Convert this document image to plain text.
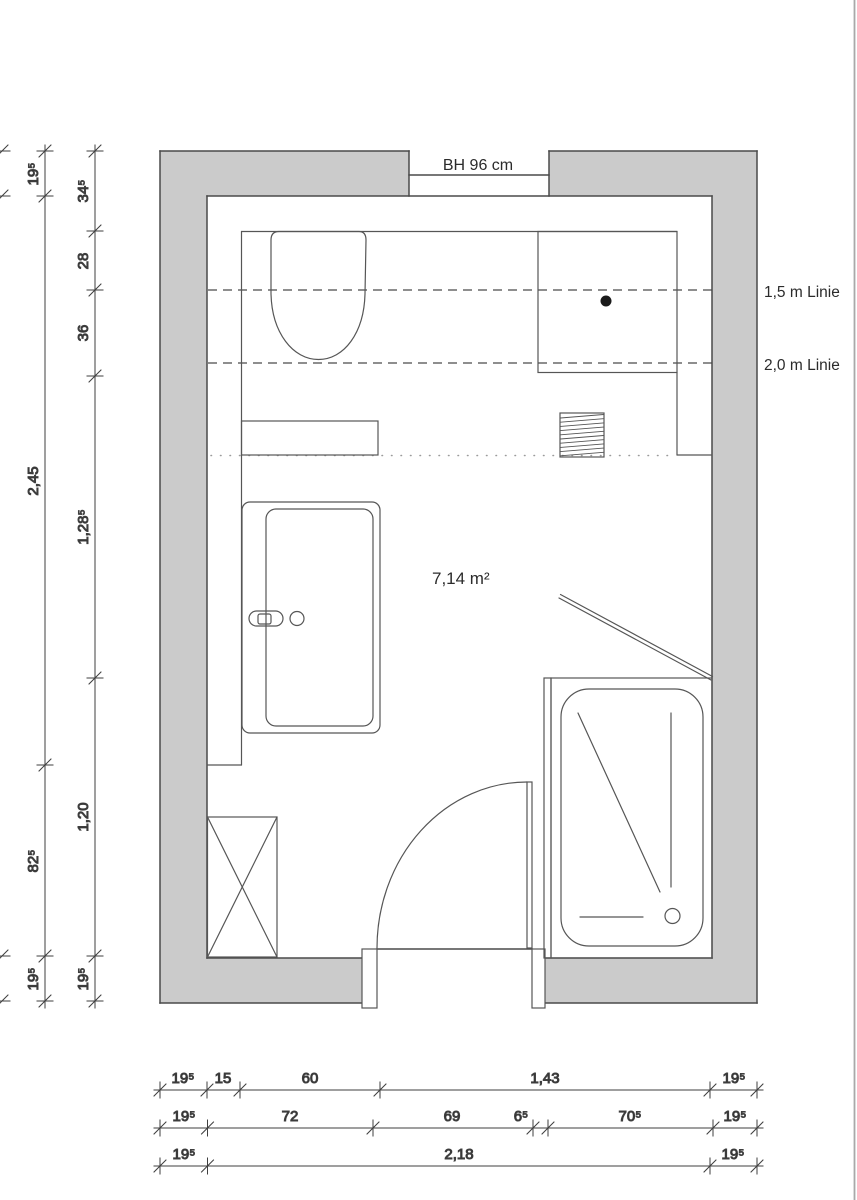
1,5 m Linie
2,0 m Linie
BH 96 cm
7,14 m²
19⁵
2,45
82⁵
19⁵
34⁵
28
36
1,28⁵
1,20
19⁵
19⁵ 15	60	1,43	19⁵
19⁵	72	69	6⁵	70⁵	19⁵
19⁵	2,18	19⁵
